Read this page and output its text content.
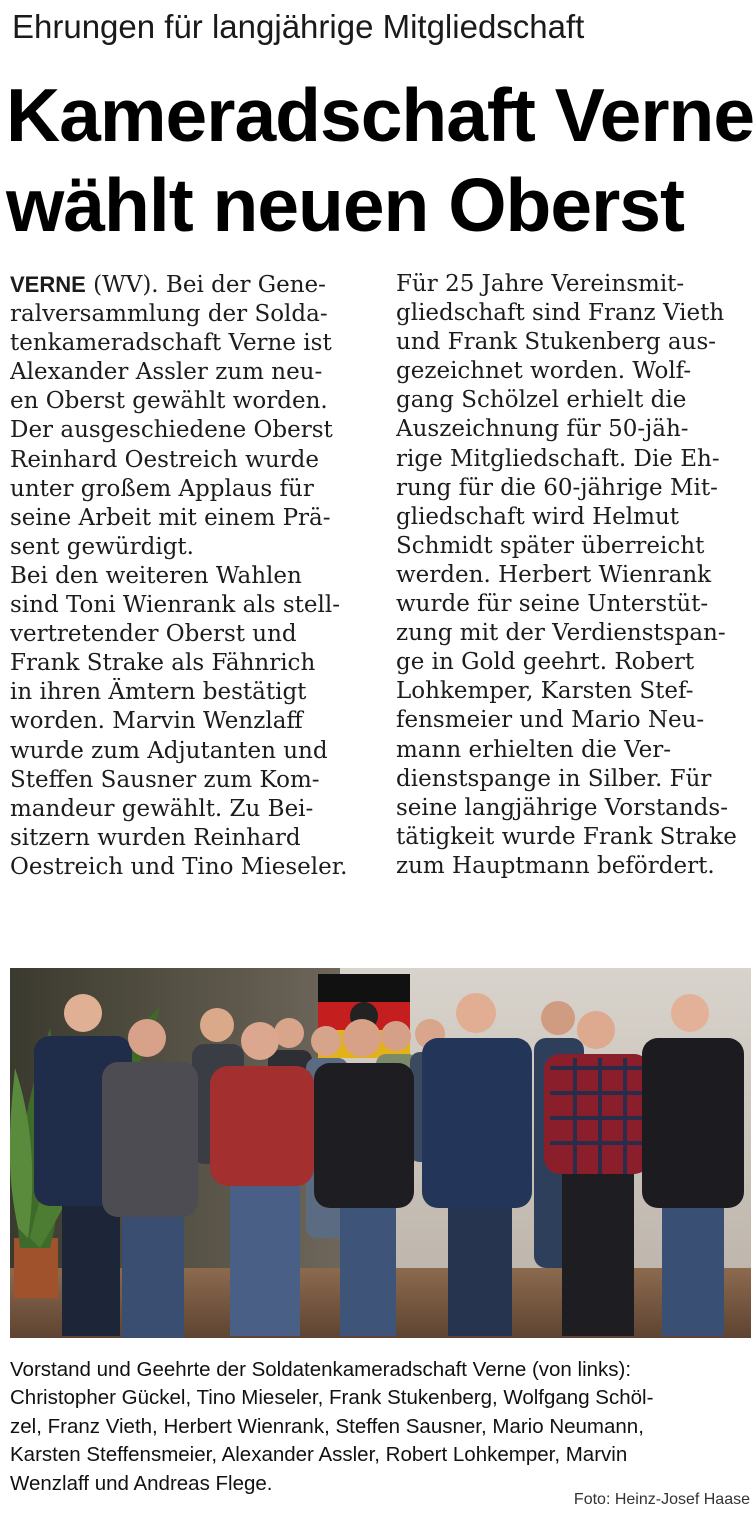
Ehrungen für langjährige Mitgliedschaft
Kameradschaft Verne
wählt neuen Oberst
VERNE (WV). Bei der Gene-
ralversammlung der Solda-
tenkameradschaft Verne ist
Alexander Assler zum neu-
en Oberst gewählt worden.
Der ausgeschiedene Oberst
Reinhard Oestreich wurde
unter großem Applaus für
seine Arbeit mit einem Prä-
sent gewürdigt.
Bei den weiteren Wahlen
sind Toni Wienrank als stell-
vertretender Oberst und
Frank Strake als Fähnrich
in ihren Ämtern bestätigt
worden. Marvin Wenzlaff
wurde zum Adjutanten und
Steffen Sausner zum Kom-
mandeur gewählt. Zu Bei-
sitzern wurden Reinhard
Oestreich und Tino Mieseler.
Für 25 Jahre Vereinsmit-
gliedschaft sind Franz Vieth
und Frank Stukenberg aus-
gezeichnet worden. Wolf-
gang Schölzel erhielt die
Auszeichnung für 50-jäh-
rige Mitgliedschaft. Die Eh-
rung für die 60-jährige Mit-
gliedschaft wird Helmut
Schmidt später überreicht
werden. Herbert Wienrank
wurde für seine Unterstüt-
zung mit der Verdienstspan-
ge in Gold geehrt. Robert
Lohkemper, Karsten Stef-
fensmeier und Mario Neu-
mann erhielten die Ver-
dienstspange in Silber. Für
seine langjährige Vorstands-
tätigkeit wurde Frank Strake
zum Hauptmann befördert.
Vorstand und Geehrte der Soldatenkameradschaft Verne (von links):
Christopher Gückel, Tino Mieseler, Frank Stukenberg, Wolfgang Schöl-
zel, Franz Vieth, Herbert Wienrank, Steffen Sausner, Mario Neumann,
Karsten Steffensmeier, Alexander Assler, Robert Lohkemper, Marvin
Wenzlaff und Andreas Flege.
Foto: Heinz-Josef Haase
